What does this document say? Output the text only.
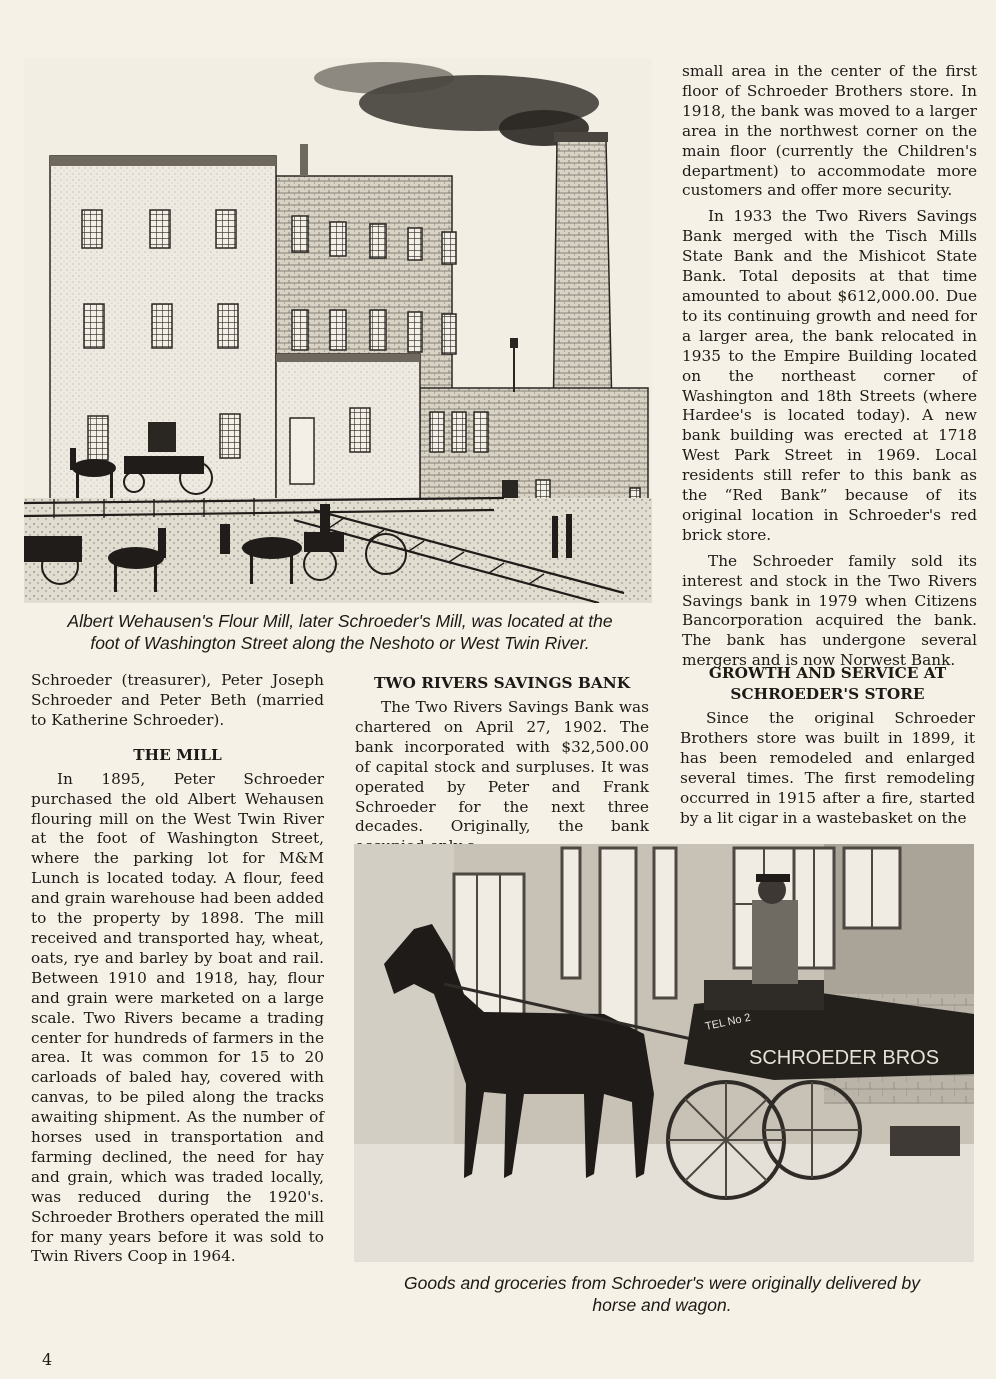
Albert Wehausen's Flour Mill, later Schroeder's Mill, was located at the
foot of Washington Street along the Neshoto or West Twin River.

small area in the center of the first floor of Schroeder Brothers store. In 1918, the bank was moved to a larger area in the northwest corner on the main floor (currently the Children's department) to accommodate more customers and offer more security.

In 1933 the Two Rivers Savings Bank merged with the Tisch Mills State Bank and the Mishicot State Bank. Total deposits at that time amounted to about $612,000.00. Due to its continuing growth and need for a larger area, the bank relocated in 1935 to the Empire Building located on the northeast corner of Washington and 18th Streets (where Hardee's is located today). A new bank building was erected at 1718 West Park Street in 1969. Local residents still refer to this bank as the “Red Bank” because of its original location in Schroeder's red brick store.

The Schroeder family sold its interest and stock in the Two Rivers Savings bank in 1979 when Citizens Bancorporation acquired the bank. The bank has undergone several mergers and is now Norwest Bank.

Schroeder (treasurer), Peter Joseph Schroeder and Peter Beth (married to Katherine Schroeder).

THE MILL

In 1895, Peter Schroeder purchased the old Albert Wehausen flouring mill on the West Twin River at the foot of Washington Street, where the parking lot for M&M Lunch is located today. A flour, feed and grain warehouse had been added to the property by 1898. The mill received and transported hay, wheat, oats, rye and barley by boat and rail. Between 1910 and 1918, hay, flour and grain were marketed on a large scale. Two Rivers became a trading center for hundreds of farmers in the area. It was common for 15 to 20 carloads of baled hay, covered with canvas, to be piled along the tracks awaiting shipment. As the number of horses used in transportation and farming declined, the need for hay and grain, which was traded locally, was reduced during the 1920's. Schroeder Brothers operated the mill for many years before it was sold to Twin Rivers Coop in 1964.

TWO RIVERS SAVINGS BANK

The Two Rivers Savings Bank was chartered on April 27, 1902. The bank incorporated with $32,500.00 of capital stock and surpluses. It was operated by Peter and Frank Schroeder for the next three decades. Originally, the bank

GROWTH AND SERVICE AT
SCHROEDER'S STORE

Since the original Schroeder Brothers store was built in 1899, it has been remodeled and enlarged several times. The first remodeling occurred in 1915 after a fire, started by a lit cigar in a wastebasket on the

SCHROEDER BROS
TEL No 2
Goods and groceries from Schroeder's were originally delivered by
horse and wagon.
4
